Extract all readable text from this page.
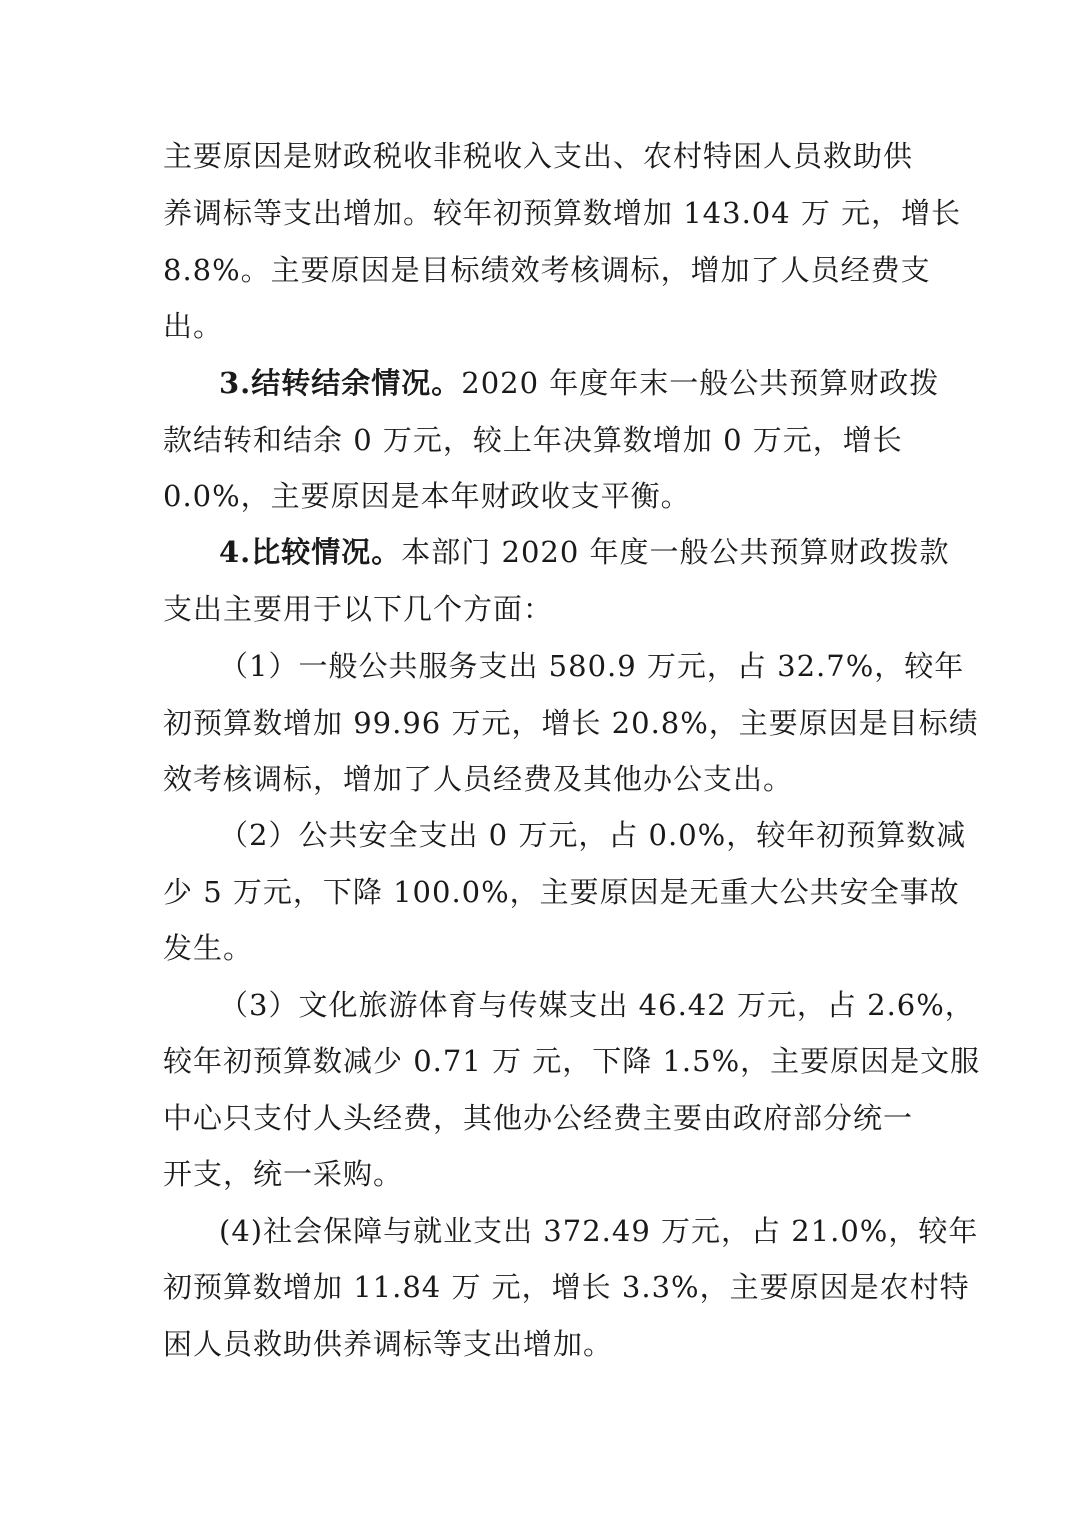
主要原因是财政税收非税收入支出、农村特困人员救助供
养调标等支出增加。较年初预算数增加 143.04 万 元，增长
8.8%。主要原因是目标绩效考核调标，增加了人员经费支
出。
3.结转结余情况。2020 年度年末一般公共预算财政拨
款结转和结余 0 万元，较上年决算数增加 0 万元，增长
0.0%，主要原因是本年财政收支平衡。
4.比较情况。本部门 2020 年度一般公共预算财政拨款
支出主要用于以下几个方面：
（1）一般公共服务支出 580.9 万元，占 32.7%，较年
初预算数增加 99.96 万元，增长 20.8%，主要原因是目标绩
效考核调标，增加了人员经费及其他办公支出。
（2）公共安全支出 0 万元，占 0.0%，较年初预算数减
少 5 万元，下降 100.0%，主要原因是无重大公共安全事故
发生。
（3）文化旅游体育与传媒支出 46.42 万元，占 2.6%，
较年初预算数减少 0.71 万 元，下降 1.5%，主要原因是文服
中心只支付人头经费，其他办公经费主要由政府部分统一
开支，统一采购。
(4)社会保障与就业支出 372.49 万元，占 21.0%，较年
初预算数增加 11.84 万 元，增长 3.3%，主要原因是农村特
困人员救助供养调标等支出增加。
